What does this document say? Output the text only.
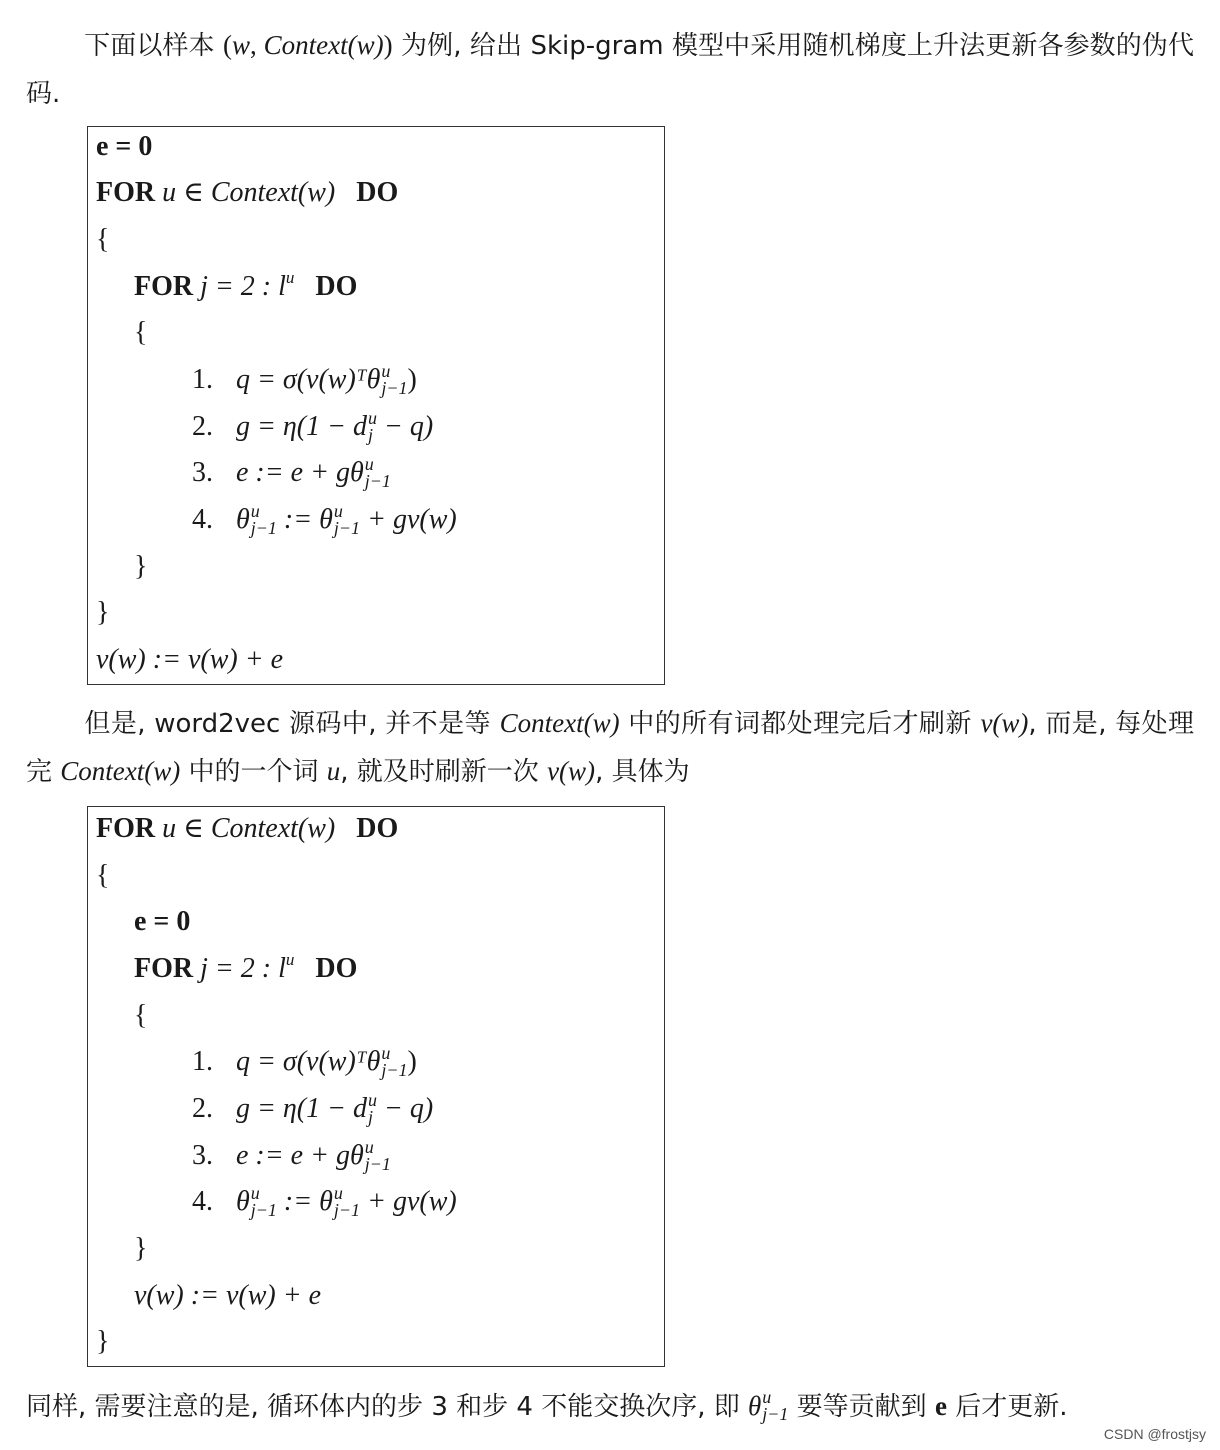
下面以样本 (w, Context(w)) 为例, 给出 Skip-gram 模型中采用随机梯度上升法更新各参数的伪代码.

e = 0
FOR u ∈ Context(w) DO
{
FOR j = 2 : $l^u$ DO
{
1. q = σ(v(w)ᵀθ u
j−1 )
2. g = η(1 − d u
j − q)
3. e := e + gθ u
j−1
4. θ u
j−1 := θ u
j−1 + gv(w)
}
}
v(w) := v(w) + e

但是, word2vec 源码中, 并不是等 Context(w) 中的所有词都处理完后才刷新 v(w), 而是, 每处理完 Context(w) 中的一个词 u, 就及时刷新一次 v(w), 具体为

FOR u ∈ Context(w) DO
{
e = 0
FOR j = 2 : $l^u$ DO
{
1. q = σ(v(w)ᵀθ u
j−1 )
2. g = η(1 − d u
j − q)
3. e := e + gθ u
j−1
4. θ u
j−1 := θ u
j−1 + gv(w)
}
v(w) := v(w) + e
}

同样, 需要注意的是, 循环体内的步 3 和步 4 不能交换次序, 即 θ u
j−1 要等贡献到 e 后才更新.

CSDN @frostjsy
